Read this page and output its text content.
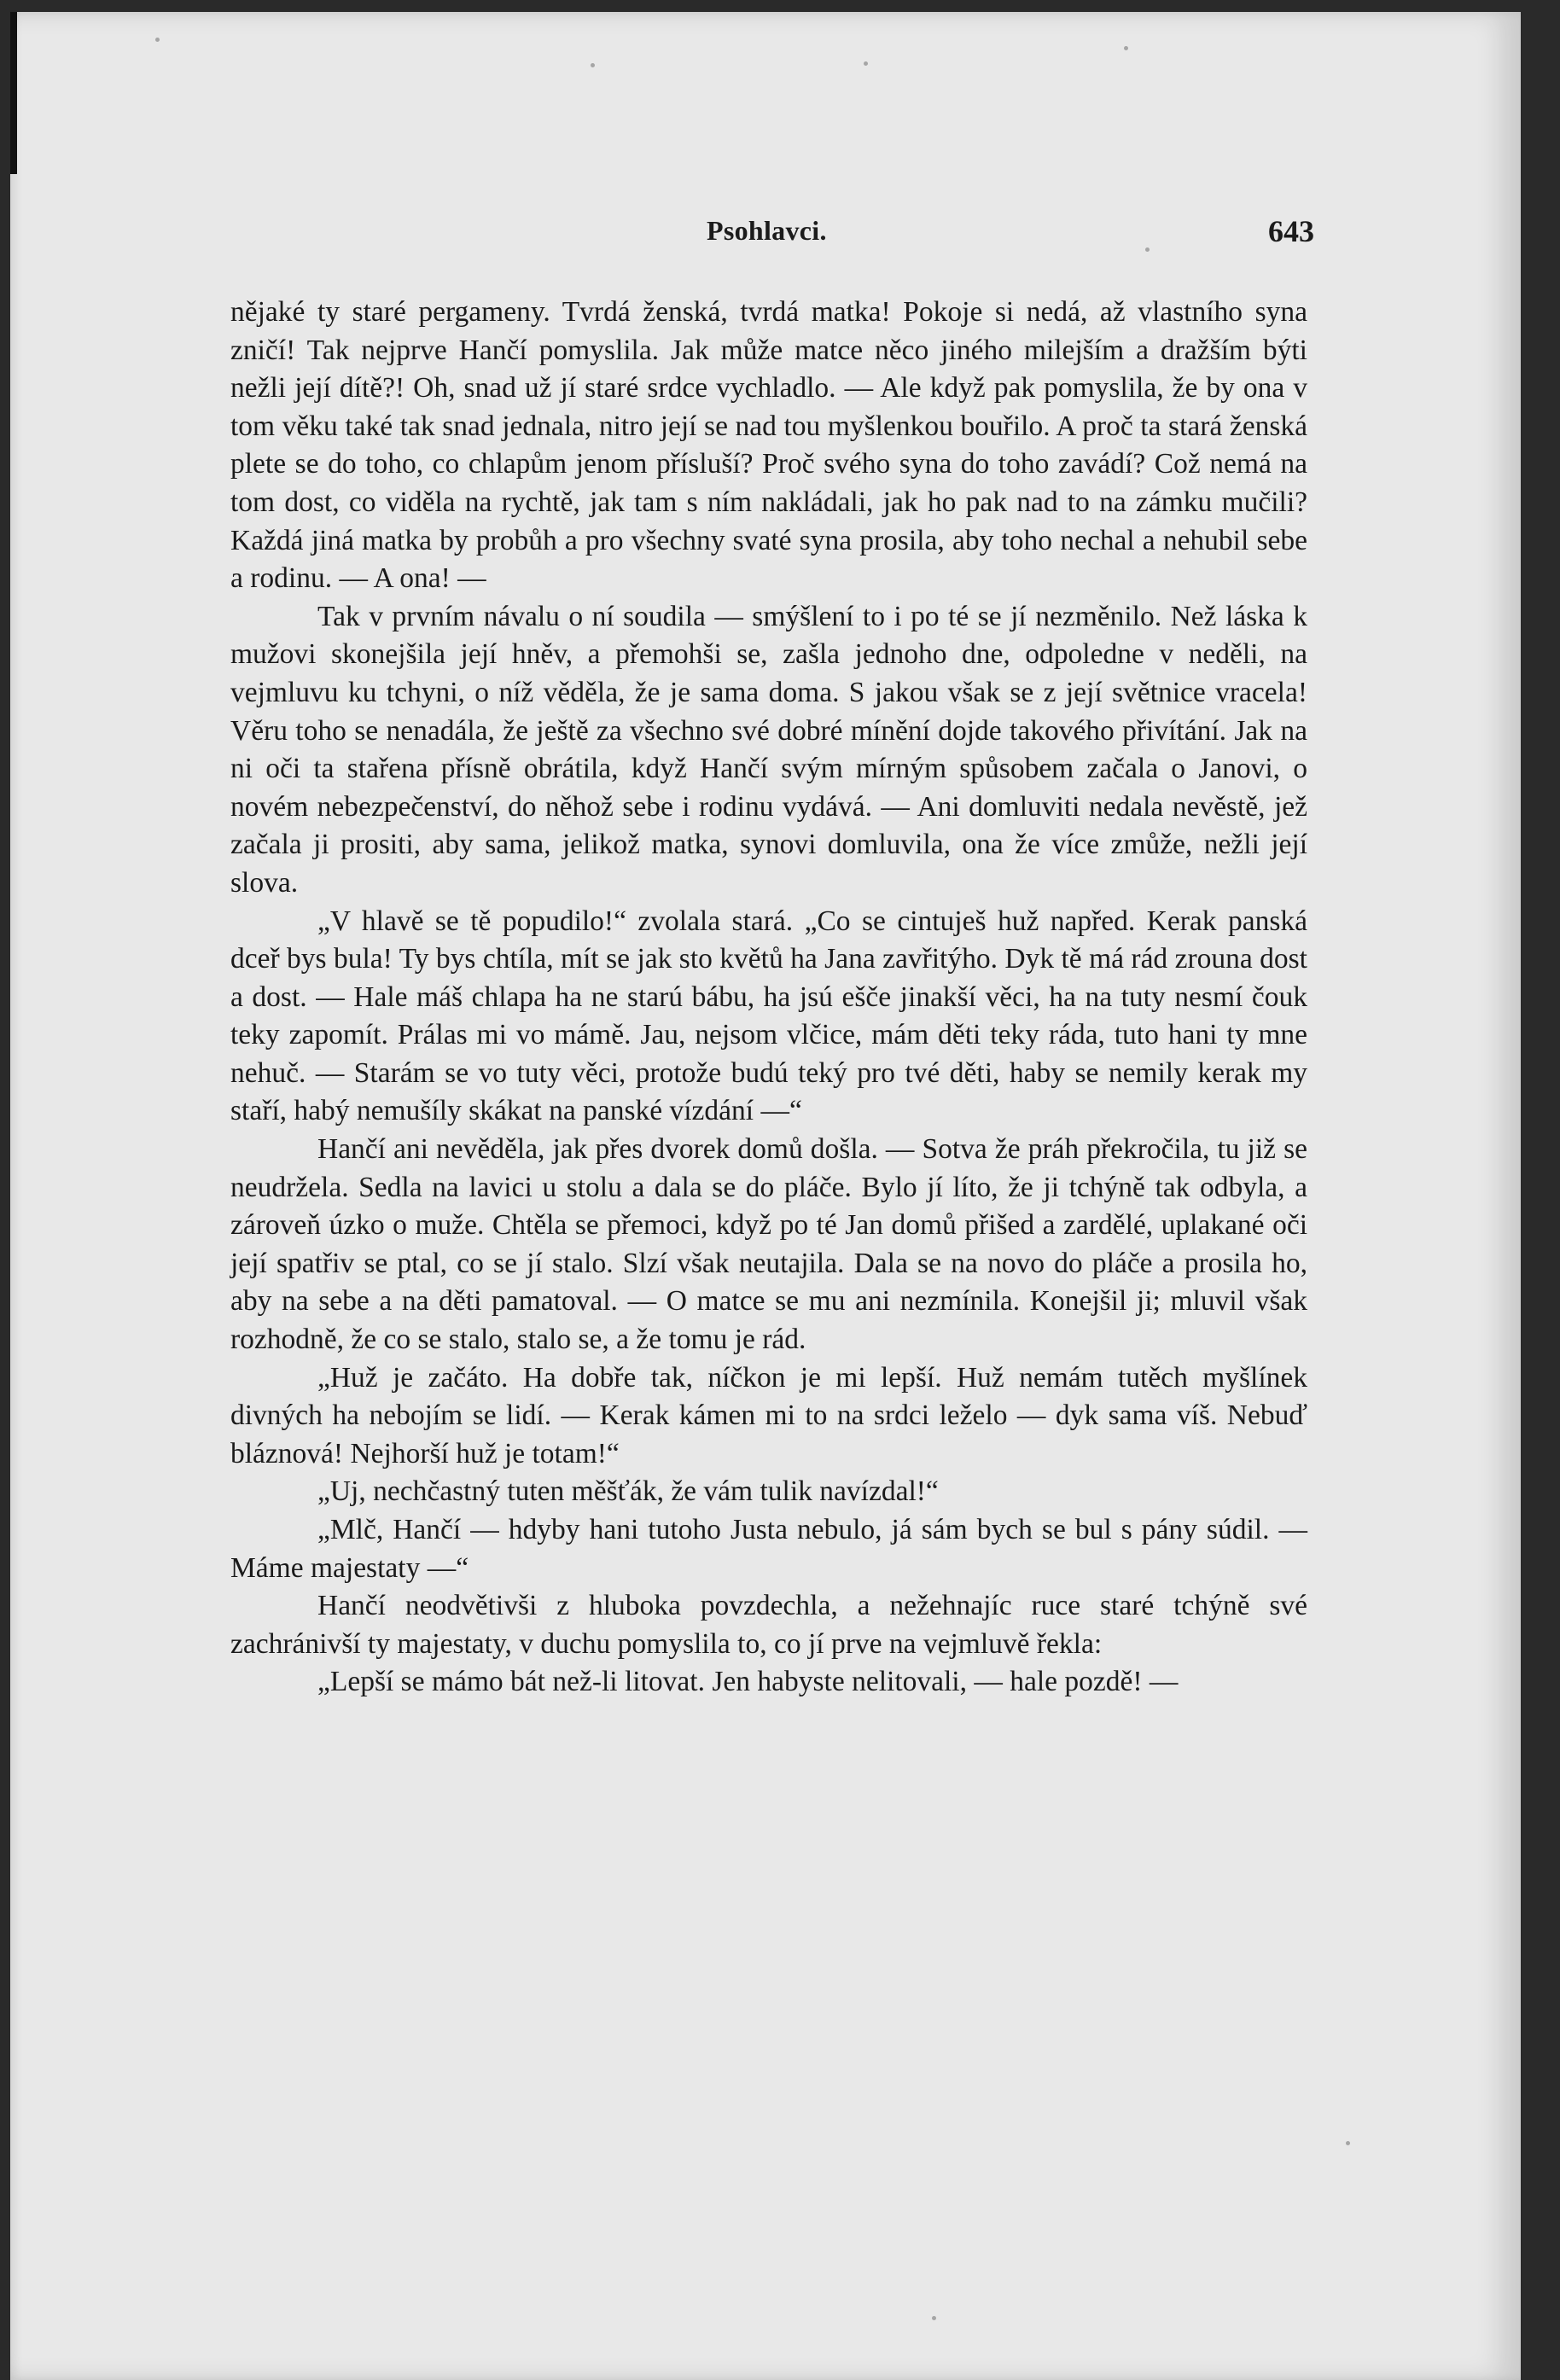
Psohlavci.	643

nějaké ty staré pergameny. Tvrdá ženská, tvrdá matka! Pokoje si nedá, až vlastního syna zničí! Tak nejprve Hančí pomyslila. Jak může matce něco jiného milejším a dražším býti nežli její dítě?! Oh, snad už jí staré srdce vychladlo. — Ale když pak pomyslila, že by ona v tom věku také tak snad jednala, nitro její se nad tou myšlenkou bouřilo. A proč ta stará ženská plete se do toho, co chlapům jenom přísluší? Proč svého syna do toho zavádí? Což nemá na tom dost, co viděla na rychtě, jak tam s ním nakládali, jak ho pak nad to na zámku mučili? Každá jiná matka by probůh a pro všechny svaté syna prosila, aby toho nechal a nehubil sebe a rodinu. — A ona! —

Tak v prvním návalu o ní soudila — smýšlení to i po té se jí nezměnilo. Než láska k mužovi skonejšila její hněv, a přemohši se, zašla jednoho dne, odpoledne v neděli, na vejmluvu ku tchyni, o níž věděla, že je sama doma. S jakou však se z její světnice vracela! Věru toho se nenadála, že ještě za všechno své dobré mínění dojde takového přivítání. Jak na ni oči ta stařena přísně obrátila, když Hančí svým mírným spůsobem začala o Janovi, o novém nebezpečenství, do něhož sebe i rodinu vydává. — Ani domluviti nedala nevěstě, jež začala ji prositi, aby sama, jelikož matka, synovi domluvila, ona že více zmůže, nežli její slova.

„V hlavě se tě popudilo!“ zvolala stará. „Co se cintuješ huž napřed. Kerak panská dceř bys bula! Ty bys chtíla, mít se jak sto květů ha Jana zavřitýho. Dyk tě má rád zrouna dost a dost. — Hale máš chlapa ha ne starú bábu, ha jsú ešče jinakší věci, ha na tuty nesmí čouk teky zapomít. Prálas mi vo mámě. Jau, nejsom vlčice, mám děti teky ráda, tuto hani ty mne nehuč. — Starám se vo tuty věci, protože budú teký pro tvé děti, haby se nemily kerak my staří, habý nemušíly skákat na panské vízdání —“

Hančí ani nevěděla, jak přes dvorek domů došla. — Sotva že práh překročila, tu již se neudržela. Sedla na lavici u stolu a dala se do pláče. Bylo jí líto, že ji tchýně tak odbyla, a zároveň úzko o muže. Chtěla se přemoci, když po té Jan domů přišed a zardělé, uplakané oči její spatřiv se ptal, co se jí stalo. Slzí však neutajila. Dala se na novo do pláče a prosila ho, aby na sebe a na děti pamatoval. — O matce se mu ani nezmínila. Konejšil ji; mluvil však rozhodně, že co se stalo, stalo se, a že tomu je rád.

„Huž je začáto. Ha dobře tak, níčkon je mi lepší. Huž nemám tutěch myšlínek divných ha nebojím se lidí. — Kerak kámen mi to na srdci leželo — dyk sama víš. Nebuď bláznová! Nejhorší huž je totam!“

„Uj, nechčastný tuten měšťák, že vám tulik navízdal!“

„Mlč, Hančí — hdyby hani tutoho Justa nebulo, já sám bych se bul s pány súdil. — Máme majestaty —“

Hančí neodvětivši z hluboka povzdechla, a nežehnajíc ruce staré tchýně své zachránivší ty majestaty, v duchu pomyslila to, co jí prve na vejmluvě řekla:

„Lepší se mámo bát než-li litovat. Jen habyste nelitovali, — hale pozdě! —
